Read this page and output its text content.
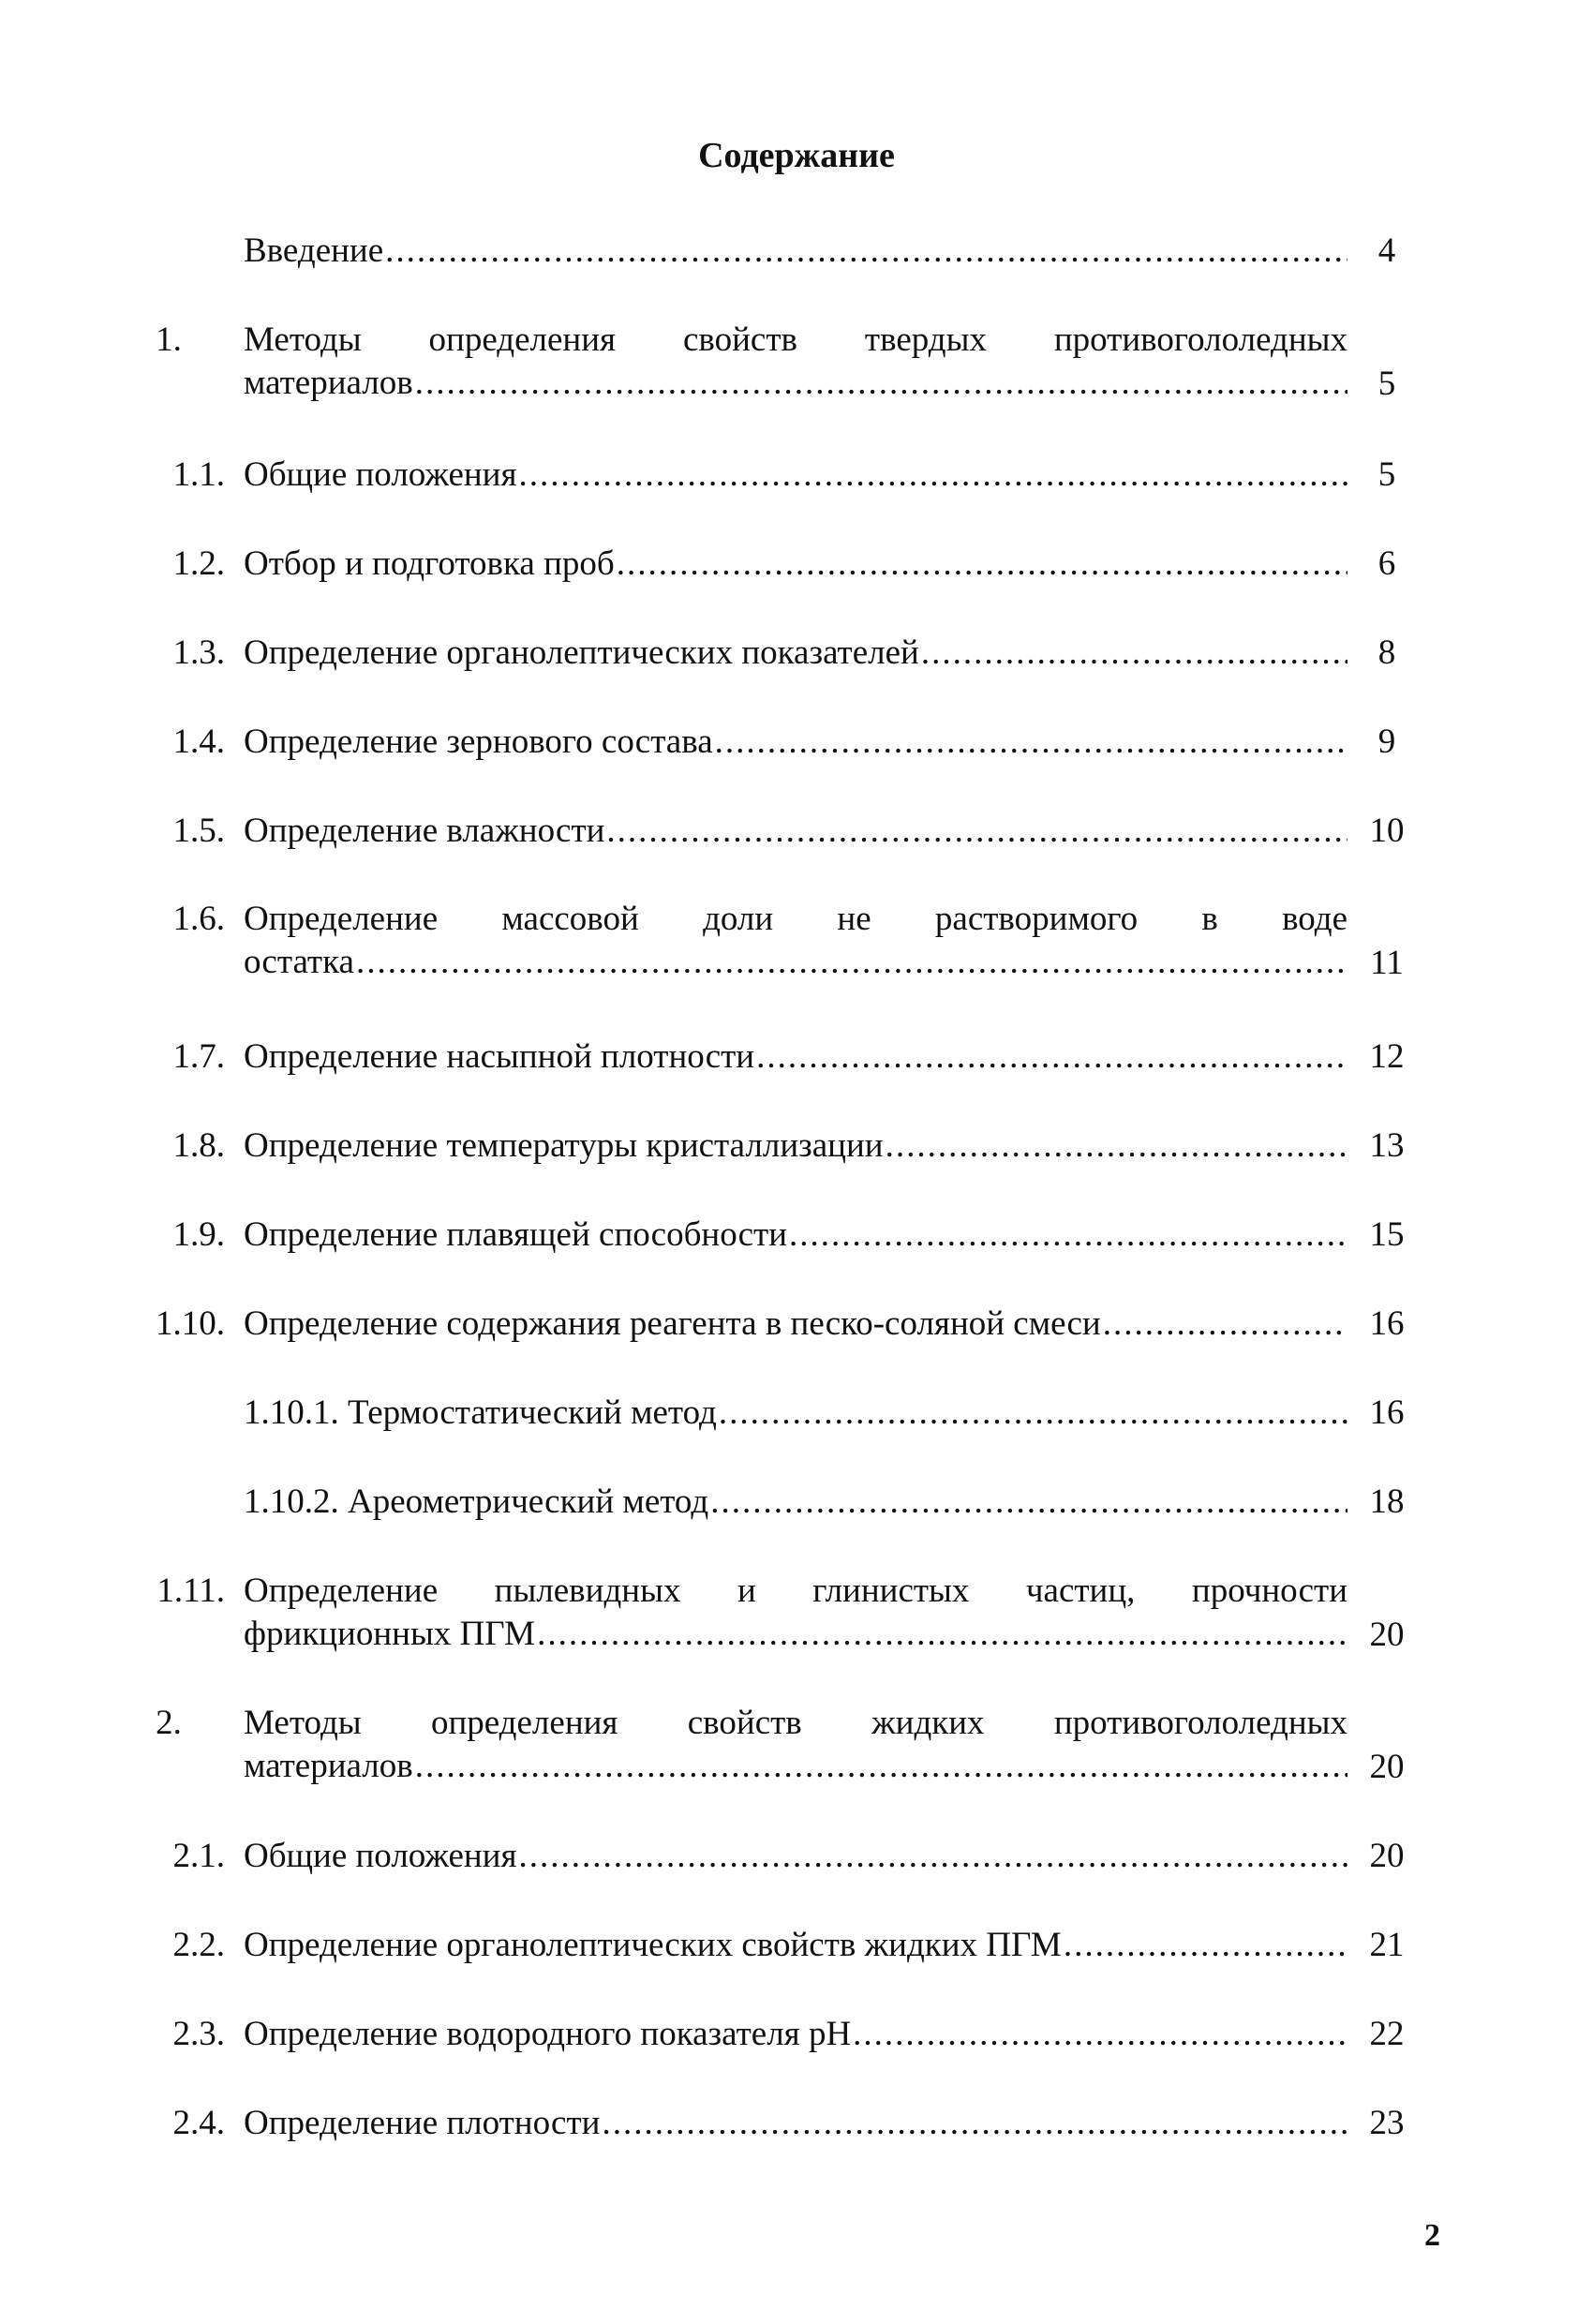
Содержание
Введение .....	4
1.	Методы определения свойств твердых противогололедных
материалов .....	5
1.1. Общие положения .....	5
1.2. Отбор и подготовка проб .....	6
1.3. Определение органолептических показателей .....	8
1.4. Определение зернового состава .....	9
1.5. Определение влажности .....	10
1.6. Определение массовой доли не растворимого в воде
остатка .....	11
1.7. Определение насыпной плотности .....	12
1.8. Определение температуры кристаллизации .....	13
1.9. Определение плавящей способности .....	15
1.10. Определение содержания реагента в песко-соляной смеси .....	16
1.10.1. Термостатический метод .....	16
1.10.2. Ареометрический метод .....	18
1.11. Определение пылевидных и глинистых частиц, прочности
фрикционных ПГМ .....	20
2.	Методы определения свойств жидких противогололедных
материалов .....	20
2.1. Общие положения .....	20
2.2. Определение органолептических свойств жидких ПГМ .....	21
2.3. Определение водородного показателя pH .....	22
2.4. Определение плотности .....	23
2
